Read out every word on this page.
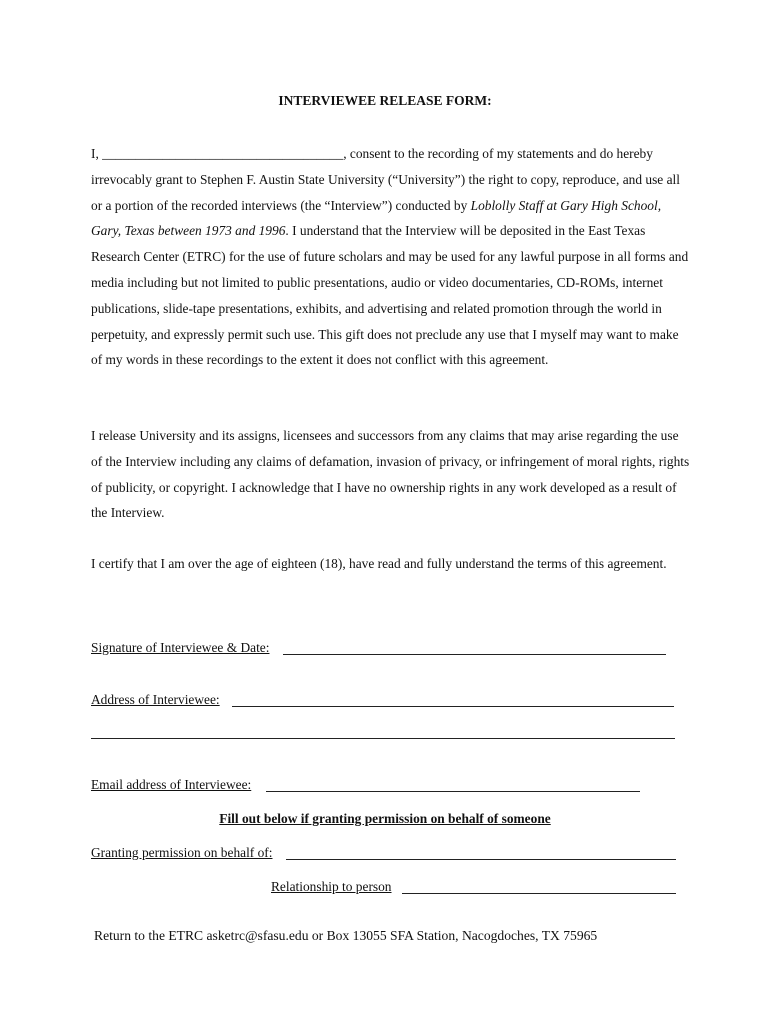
INTERVIEWEE RELEASE FORM:

I, ____________________________________, consent to the recording of my statements and do hereby irrevocably grant to Stephen F. Austin State University (“University”) the right to copy, reproduce, and use all or a portion of the recorded interviews (the “Interview”) conducted by Loblolly Staff at Gary High School, Gary, Texas between 1973 and 1996. I understand that the Interview will be deposited in the East Texas Research Center (ETRC) for the use of future scholars and may be used for any lawful purpose in all forms and media including but not limited to public presentations, audio or video documentaries, CD-ROMs, internet publications, slide-tape presentations, exhibits, and advertising and related promotion through the world in perpetuity, and expressly permit such use. This gift does not preclude any use that I myself may want to make of my words in these recordings to the extent it does not conflict with this agreement.

I release University and its assigns, licensees and successors from any claims that may arise regarding the use of the Interview including any claims of defamation, invasion of privacy, or infringement of moral rights, rights of publicity, or copyright. I acknowledge that I have no ownership rights in any work developed as a result of the Interview.

I certify that I am over the age of eighteen (18), have read and fully understand the terms of this agreement.

Signature of Interviewee & Date:
Address of Interviewee:
Email address of Interviewee:
Fill out below if granting permission on behalf of someone
Granting permission on behalf of:
Relationship to person
Return to the ETRC asketrc@sfasu.edu or Box 13055 SFA Station, Nacogdoches, TX 75965
